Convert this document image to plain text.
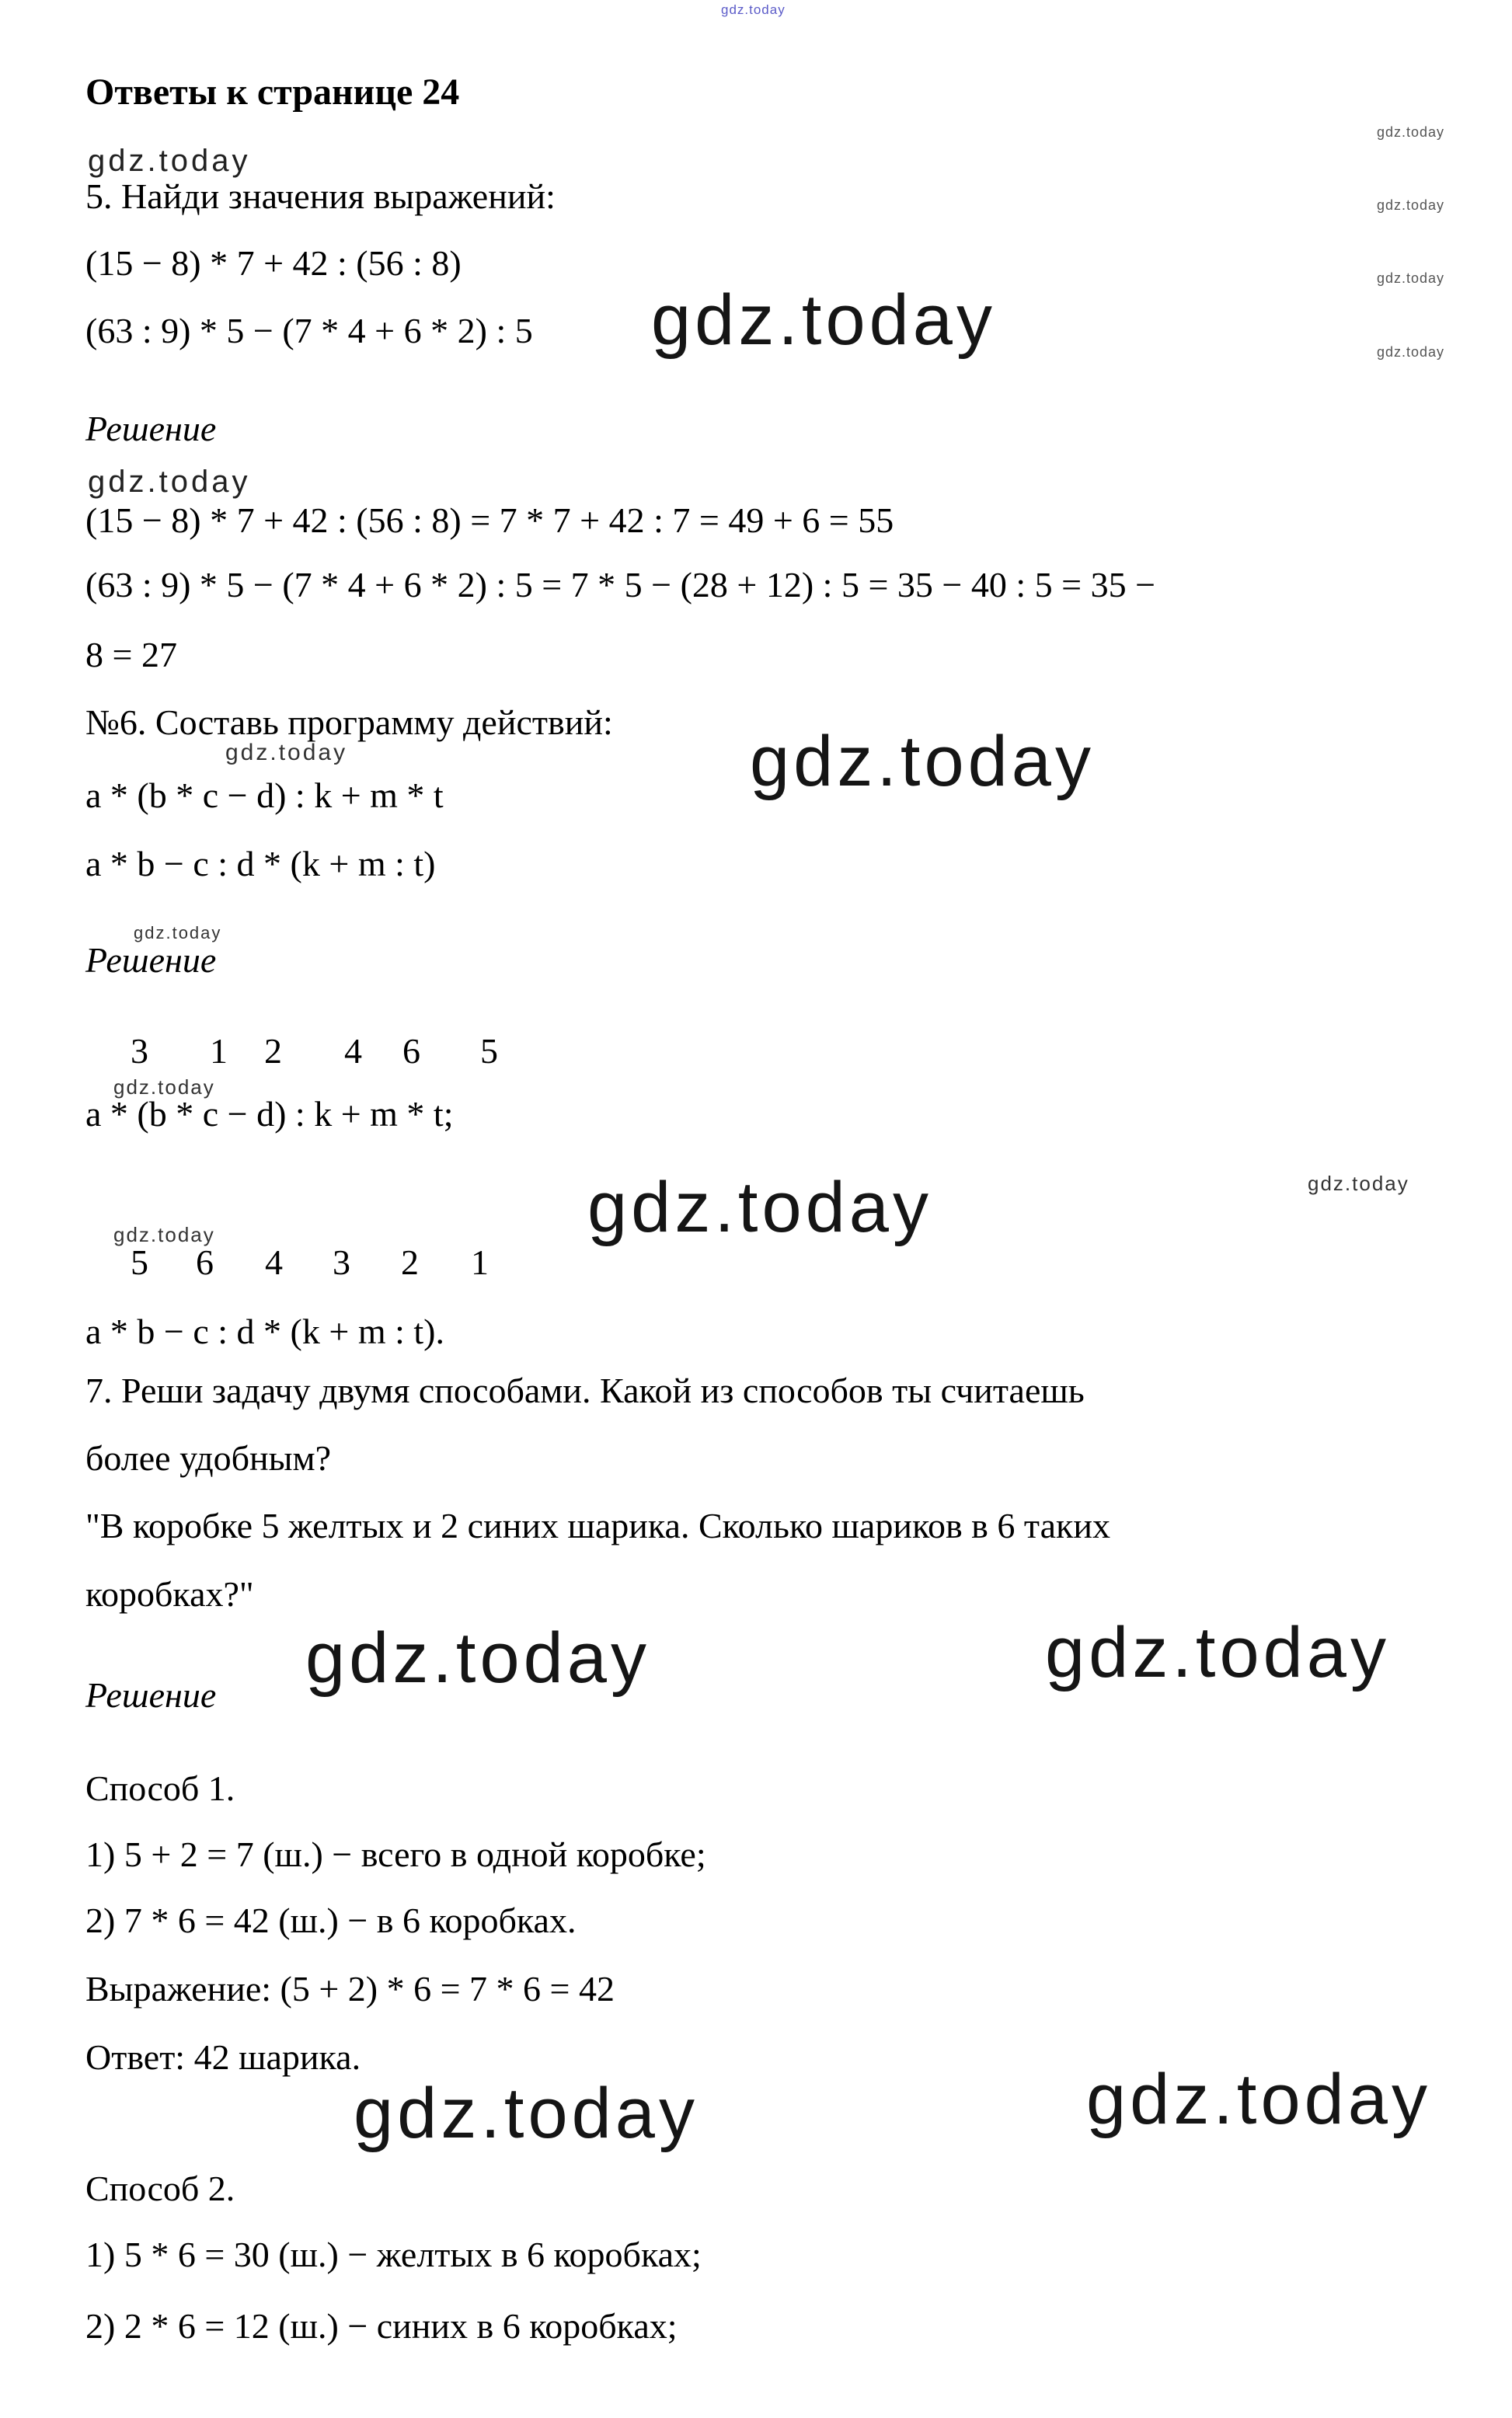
gdz.today
gdz.today
gdz.today
gdz.today
gdz.today
Ответы к странице 24
gdz.today
5. Найди значения выражений:
(15 − 8) * 7 + 42 : (56 : 8)
(63 : 9) * 5 − (7 * 4 + 6 * 2) : 5 gdz.today
Решение
gdz.today
(15 − 8) * 7 + 42 : (56 : 8) = 7 * 7 + 42 : 7 = 49 + 6 = 55
(63 : 9) * 5 − (7 * 4 + 6 * 2) : 5 = 7 * 5 − (28 + 12) : 5 = 35 − 40 : 5 = 35 −
8 = 27
№6. Составь программу действий:
gdz.today	gdz.today
a * (b * c − d) : k + m * t
a * b − c : d * (k + m : t)
gdz.today
Решение
3 1 2 4 6 5
gdz.today
a * (b * c − d) : k + m * t;
gdz.today	gdz.today
gdz.today
5 6 4 3 2 1
a * b − c : d * (k + m : t).
7. Реши задачу двумя способами. Какой из способов ты считаешь
более удобным?
"В коробке 5 желтых и 2 синих шарика. Сколько шариков в 6 таких
коробках?"
gdz.today	gdz.today
Решение
Способ 1.
1) 5 + 2 = 7 (ш.) − всего в одной коробке;
2) 7 * 6 = 42 (ш.) − в 6 коробках.
Выражение: (5 + 2) * 6 = 7 * 6 = 42
Ответ: 42 шарика.
gdz.today	gdz.today
Способ 2.
1) 5 * 6 = 30 (ш.) − желтых в 6 коробках;
2) 2 * 6 = 12 (ш.) − синих в 6 коробках;
